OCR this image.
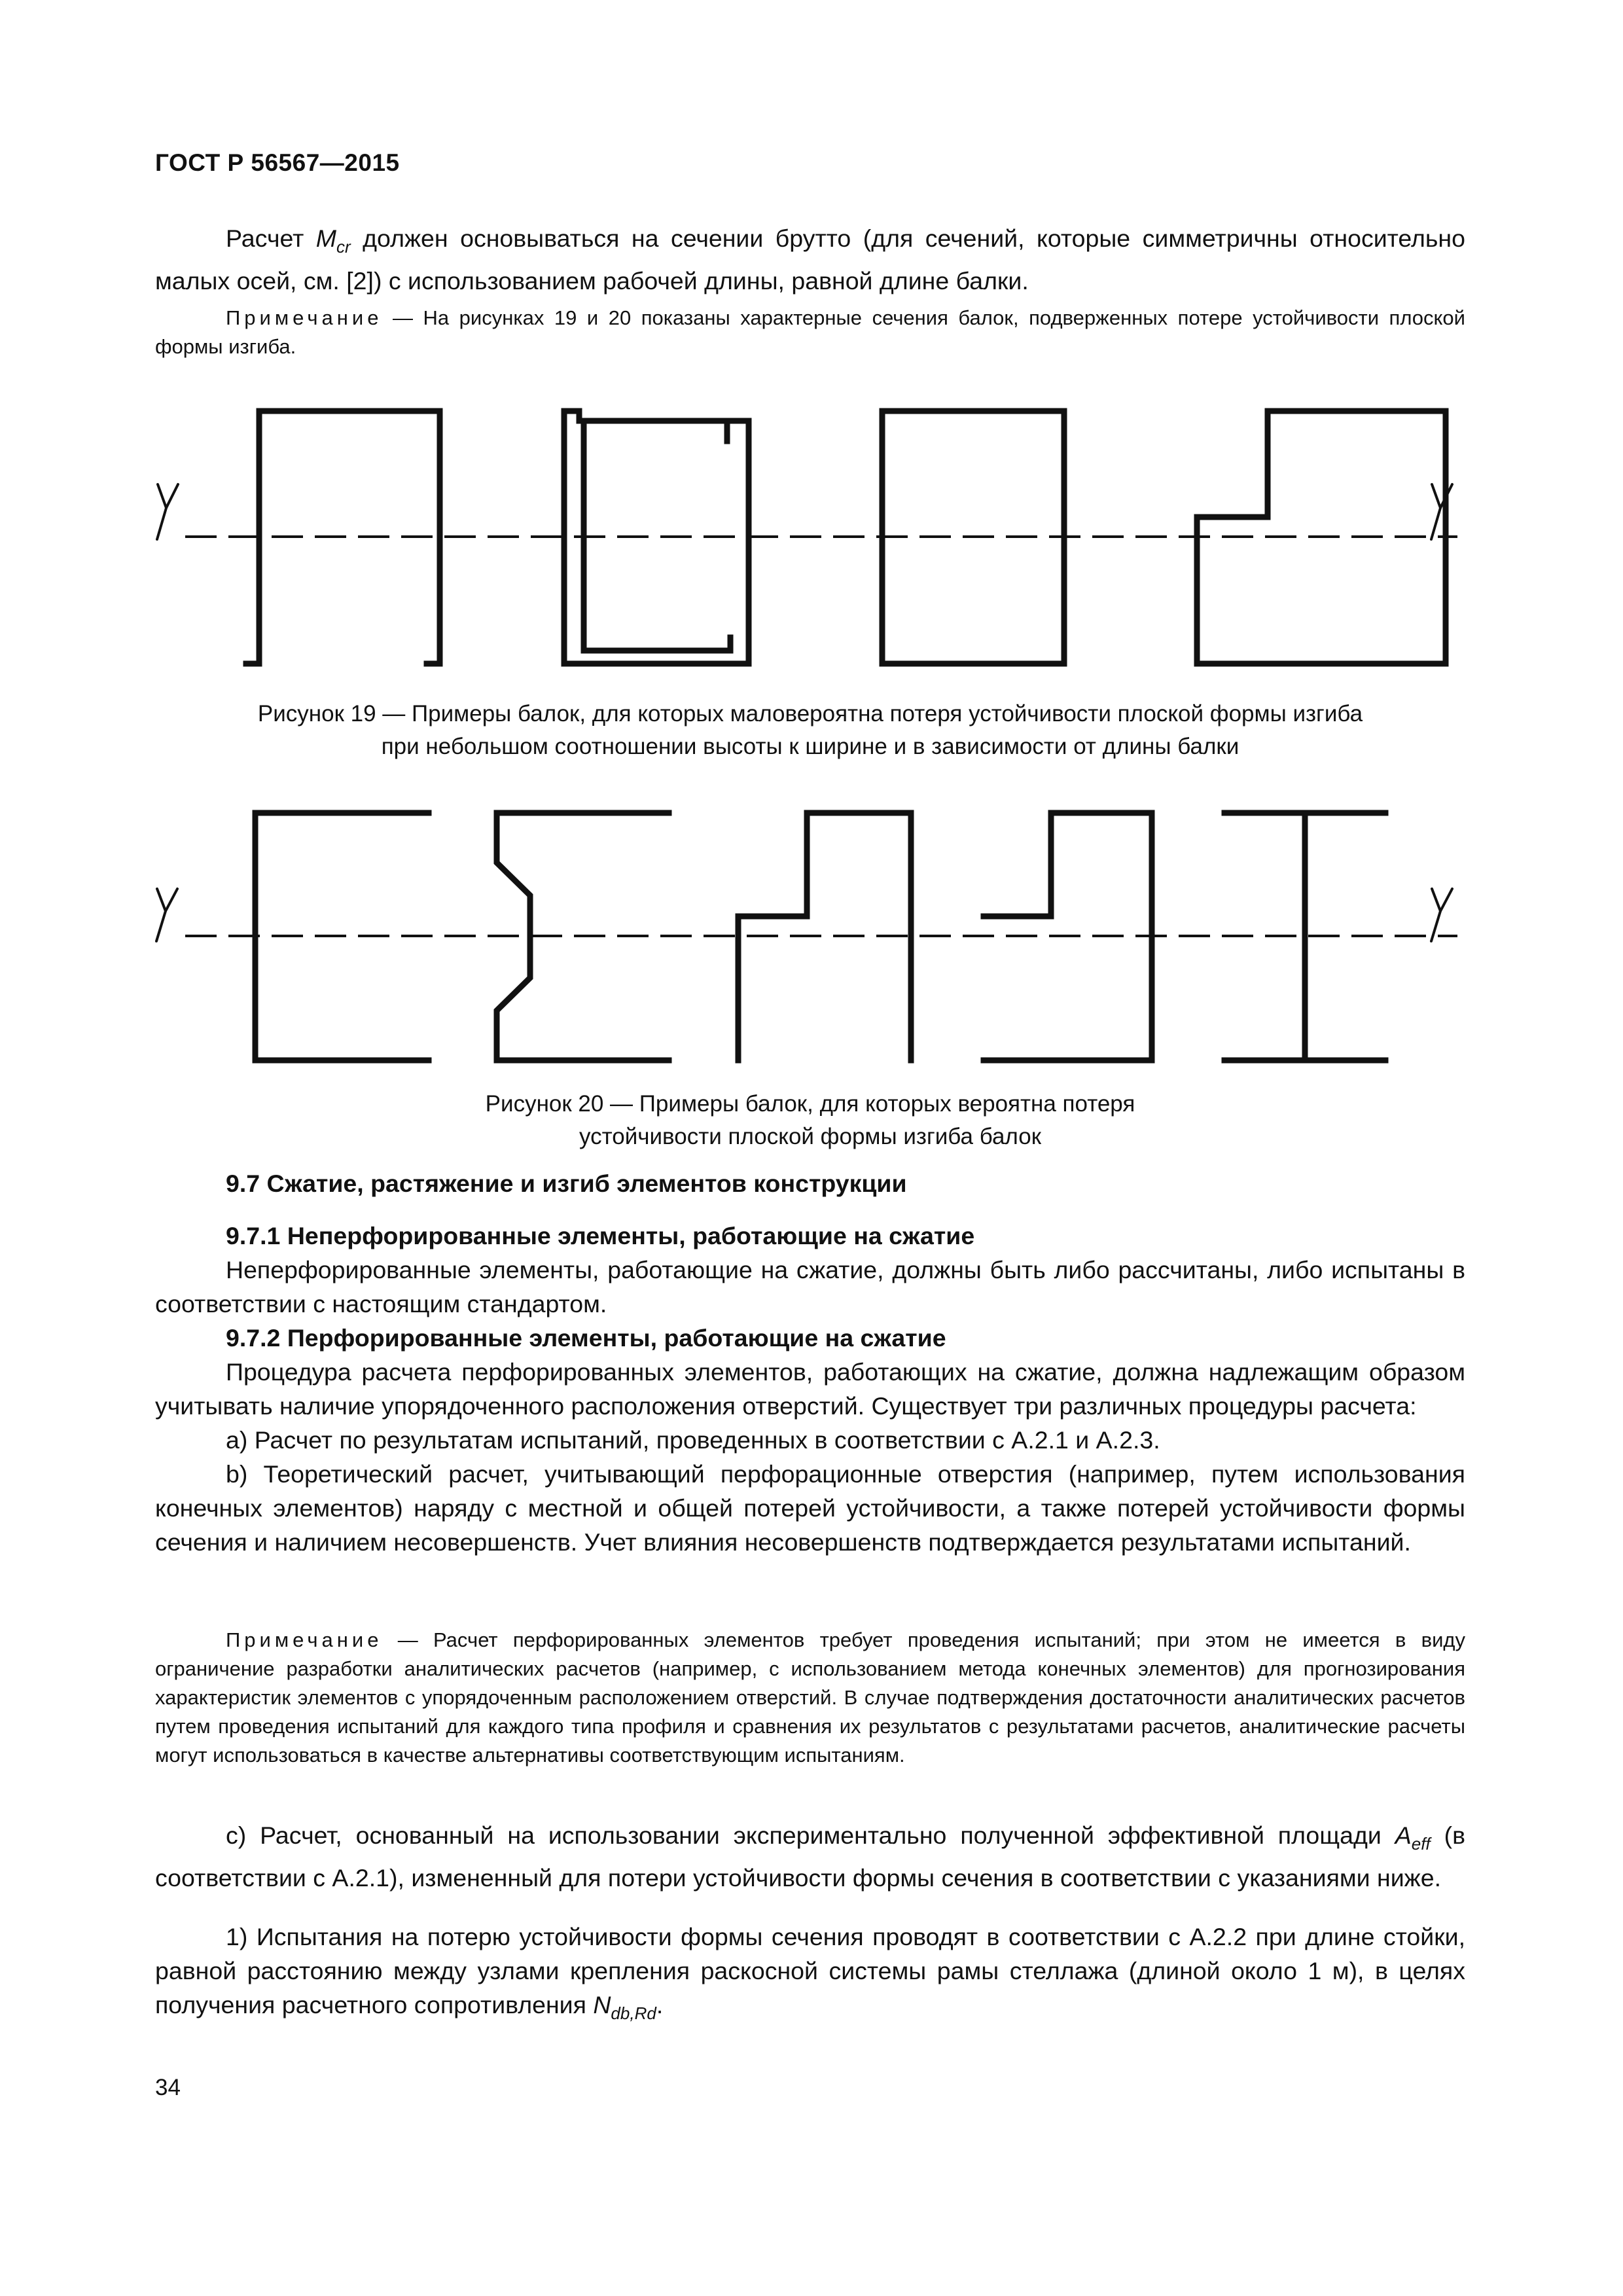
ГОСТ Р 56567—2015

Расчет $M_{cr}$ должен основываться на сечении брутто (для сечений, которые симметричны относительно малых осей, см. [2]) с использованием рабочей длины, равной длине балки.

Примечание — На рисунках 19 и 20 показаны характерные сечения балок, подверженных потере устойчивости плоской формы изгиба.

Рисунок 19 — Примеры балок, для которых маловероятна потеря устойчивости плоской формы изгиба
при небольшом соотношении высоты к ширине и в зависимости от длины балки
Рисунок 20 — Примеры балок, для которых вероятна потеря
устойчивости плоской формы изгиба балок

9.7 Сжатие, растяжение и изгиб элементов конструкции

9.7.1 Неперфорированные элементы, работающие на сжатие

Неперфорированные элементы, работающие на сжатие, должны быть либо рассчитаны, либо испытаны в соответствии с настоящим стандартом.

9.7.2 Перфорированные элементы, работающие на сжатие

Процедура расчета перфорированных элементов, работающих на сжатие, должна надлежащим образом учитывать наличие упорядоченного расположения отверстий. Существует три различных процедуры расчета:

a) Расчет по результатам испытаний, проведенных в соответствии с А.2.1 и А.2.3.

b) Теоретический расчет, учитывающий перфорационные отверстия (например, путем использования конечных элементов) наряду с местной и общей потерей устойчивости, а также потерей устойчивости формы сечения и наличием несовершенств. Учет влияния несовершенств подтверждается результатами испытаний.

Примечание — Расчет перфорированных элементов требует проведения испытаний; при этом не имеется в виду ограничение разработки аналитических расчетов (например, с использованием метода конечных элементов) для прогнозирования характеристик элементов с упорядоченным расположением отверстий. В случае подтверждения достаточности аналитических расчетов путем проведения испытаний для каждого типа профиля и сравнения их результатов с результатами расчетов, аналитические расчеты могут использоваться в качестве альтернативы соответствующим испытаниям.

c) Расчет, основанный на использовании экспериментально полученной эффективной площади $A_{eff}$ (в соответствии с А.2.1), измененный для потери устойчивости формы сечения в соответствии с указаниями ниже.

1) Испытания на потерю устойчивости формы сечения проводят в соответствии с А.2.2 при длине стойки, равной расстоянию между узлами крепления раскосной системы рамы стеллажа (длиной около 1 м), в целях получения расчетного сопротивления $N_{db,Rd}$.

34
